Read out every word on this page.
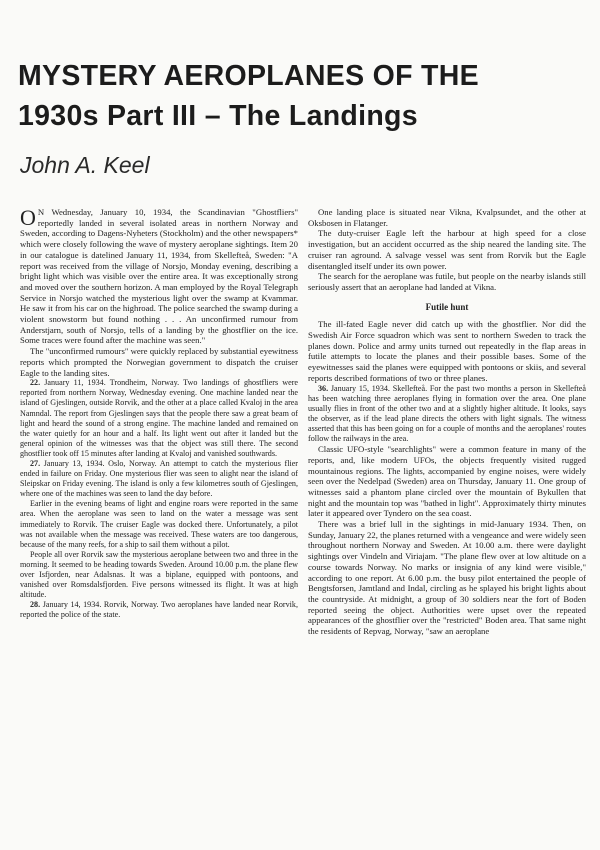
MYSTERY AEROPLANES OF THE
1930s Part III – The Landings
John A. Keel

O N Wednesday, January 10, 1934, the Scandinavian "Ghostfliers" reportedly landed in several isolated areas in northern Norway and Sweden, according to Dagens-Nyheters (Stockholm) and the other newspapers* which were closely following the wave of mystery aeroplane sightings. Item 20 in our catalogue is datelined January 11, 1934, from Skellefteå, Sweden: "A report was received from the village of Norsjo, Monday evening, describing a bright light which was visible over the entire area. It was exceptionally strong and moved over the southern horizon. A man employed by the Royal Telegraph Service in Norsjo watched the mysterious light over the swamp at Kvammar. He saw it from his car on the highroad. The police searched the swamp during a violent snowstorm but found nothing . . . An unconfirmed rumour from Anderstjarn, south of Norsjo, tells of a landing by the ghostflier on the ice. Some traces were found after the machine was seen."

The "unconfirmed rumours" were quickly replaced by substantial eyewitness reports which prompted the Norwegian government to dispatch the cruiser Eagle to the landing sites.

22. January 11, 1934. Trondheim, Norway. Two landings of ghostfliers were reported from northern Norway, Wednesday evening. One machine landed near the island of Gjeslingen, outside Rorvik, and the other at a place called Kvaloj in the area Namndal. The report from Gjeslingen says that the people there saw a great beam of light and heard the sound of a strong engine. The machine landed and remained on the water quietly for an hour and a half. Its light went out after it landed but the general opinion of the witnesses was that the object was still there. The second ghostflier took off 15 minutes after landing at Kvaloj and vanished southwards.

27. January 13, 1934. Oslo, Norway. An attempt to catch the mysterious flier ended in failure on Friday. One mysterious flier was seen to alight near the island of Sleipskar on Friday evening. The island is only a few kilometres south of Gjeslingen, where one of the machines was seen to land the day before.

Earlier in the evening beams of light and engine roars were reported in the same area. When the aeroplane was seen to land on the water a message was sent immediately to Rorvik. The cruiser Eagle was docked there. Unfortunately, a pilot was not available when the message was received. These waters are too dangerous, because of the many reefs, for a ship to sail them without a pilot.

People all over Rorvik saw the mysterious aeroplane between two and three in the morning. It seemed to be heading towards Sweden. Around 10.00 p.m. the plane flew over Isfjorden, near Adalsnas. It was a biplane, equipped with pontoons, and vanished over Romsdalsfjorden. Five persons witnessed its flight. It was at high altitude.

28. January 14, 1934. Rorvik, Norway. Two aeroplanes have landed near Rorvik, reported the police of the state.

One landing place is situated near Vikna, Kvalpsundet, and the other at Oksbosen in Flatanger.

The duty-cruiser Eagle left the harbour at high speed for a close investigation, but an accident occurred as the ship neared the landing site. The cruiser ran aground. A salvage vessel was sent from Rorvik but the Eagle disentangled itself under its own power.

The search for the aeroplane was futile, but people on the nearby islands still seriously assert that an aeroplane had landed at Vikna.

Futile hunt

The ill-fated Eagle never did catch up with the ghostflier. Nor did the Swedish Air Force squadron which was sent to northern Sweden to track the planes down. Police and army units turned out repeatedly in the flap areas in futile attempts to locate the planes and their possible bases. Some of the eyewitnesses said the planes were equipped with pontoons or skiis, and several reports described formations of two or three planes.

36. January 15, 1934. Skellefteå. For the past two months a person in Skellefteå has been watching three aeroplanes flying in formation over the area. One plane usually flies in front of the other two and at a slightly higher altitude. It looks, says the observer, as if the lead plane directs the others with light signals. The witness asserted that this has been going on for a couple of months and the aeroplanes' routes follow the railways in the area.

Classic UFO-style "searchlights" were a common feature in many of the reports, and, like modern UFOs, the objects frequently visited rugged mountainous regions. The lights, accompanied by engine noises, were widely seen over the Nedelpad (Sweden) area on Thursday, January 11. One group of witnesses said a phantom plane circled over the mountain of Bykullen that night and the mountain top was "bathed in light". Approximately thirty minutes later it appeared over Tyndero on the sea coast.

There was a brief lull in the sightings in mid-January 1934. Then, on Sunday, January 22, the planes returned with a vengeance and were widely seen throughout northern Norway and Sweden. At 10.00 a.m. there were daylight sightings over Vindeln and Viriajam. "The plane flew over at low altitude on a course towards Norway. No marks or insignia of any kind were visible," according to one report. At 6.00 p.m. the busy pilot entertained the people of Bengtsforsen, Jamtland and Indal, circling as he splayed his bright lights about the countryside. At midnight, a group of 30 soldiers near the fort of Boden reported seeing the object. Authorities were upset over the repeated appearances of the ghostflier over the "restricted" Boden area. That same night the residents of Repvag, Norway, "saw an aeroplane
